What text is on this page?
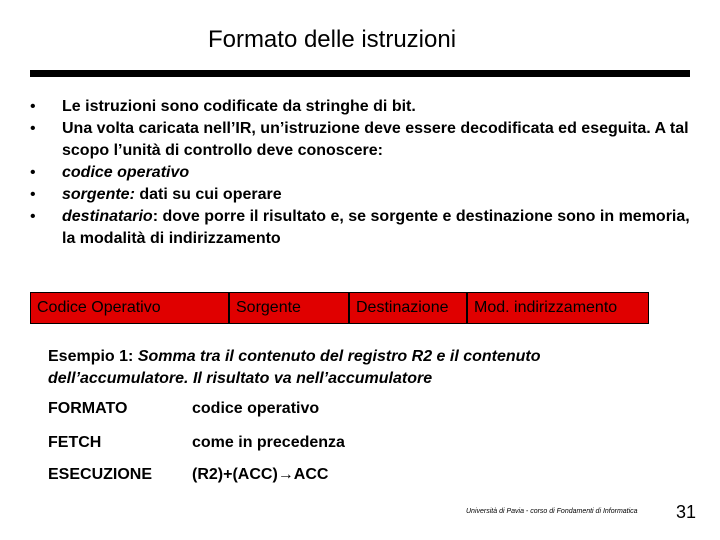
Formato delle istruzioni
• Le istruzioni sono codificate da stringhe di bit.
• Una volta caricata nell’IR, un’istruzione deve essere decodificata ed eseguita. A tal scopo l’unità di controllo deve conoscere:
• codice operativo
• sorgente: dati su cui operare
• destinatario: dove porre il risultato e, se sorgente e destinazione sono in memoria, la modalità di indirizzamento
Codice Operativo	Sorgente	Destinazione	Mod. indirizzamento
Esempio 1: Somma tra il contenuto del registro R2 e il contenuto dell’accumulatore. Il risultato va nell’accumulatore
FORMATO	codice operativo
FETCH	come in precedenza
ESECUZIONE	(R2)+(ACC)→ACC
Università di Pavia - corso di Fondamenti di Informatica 31
